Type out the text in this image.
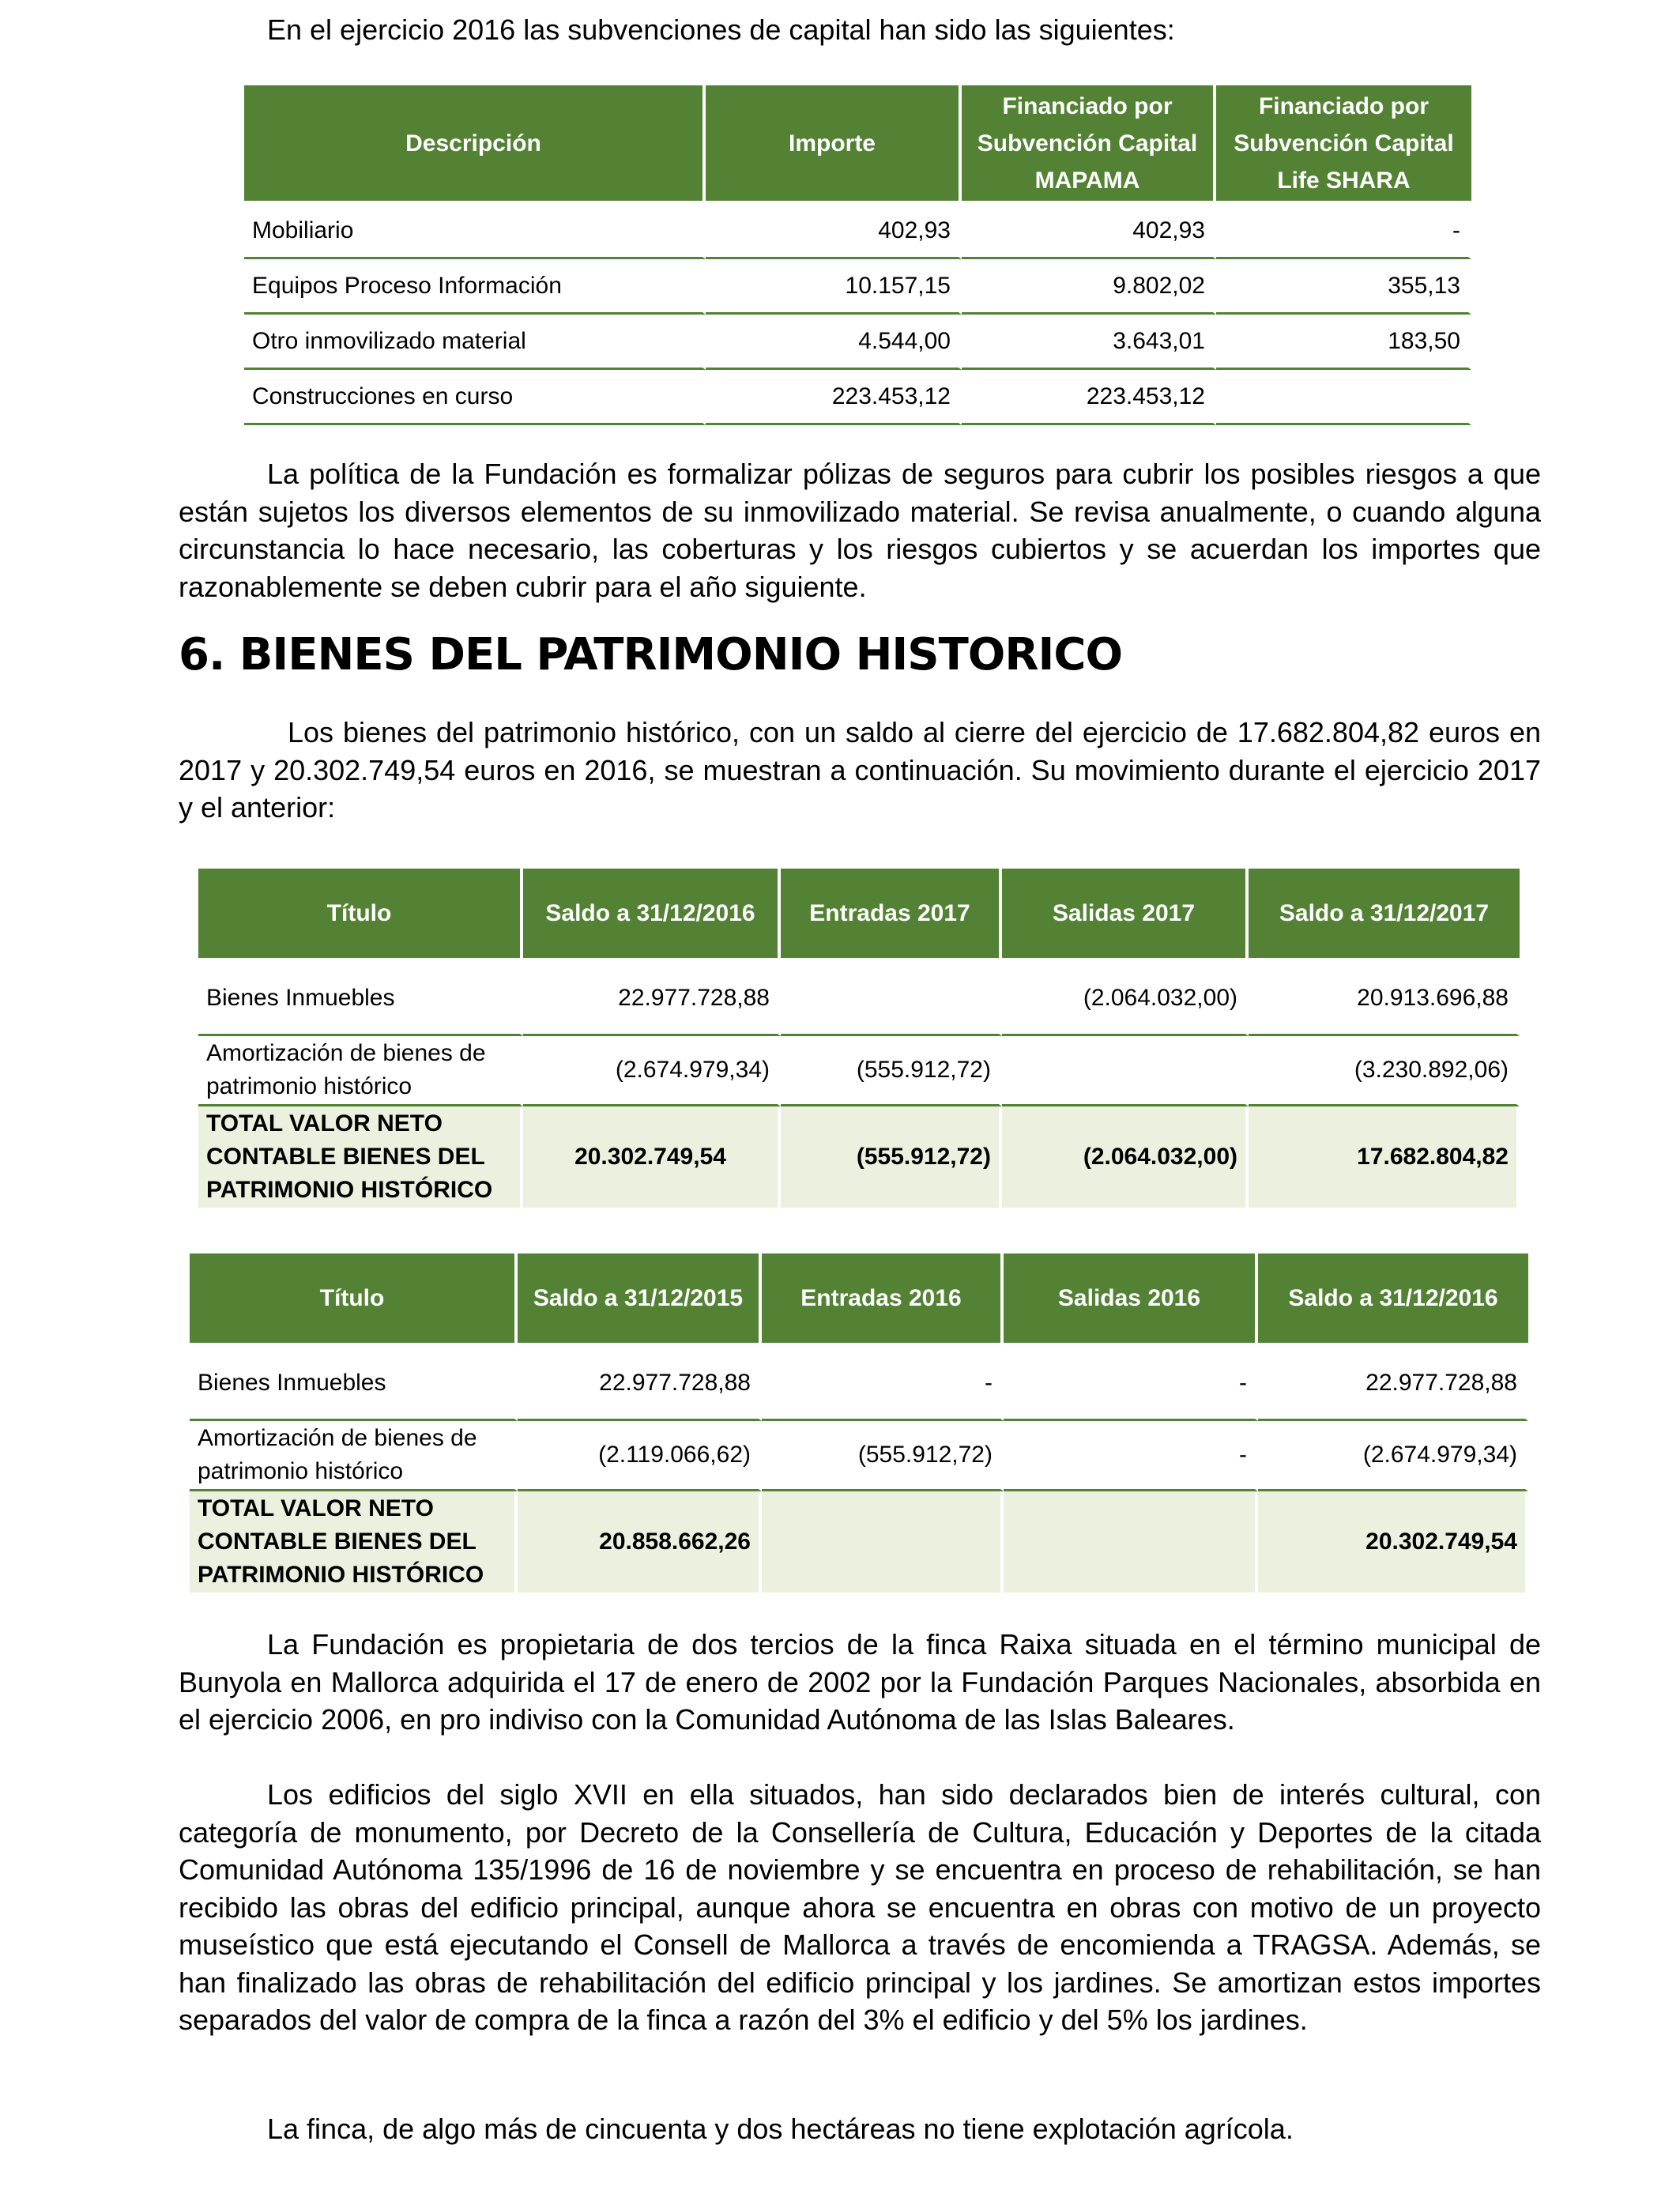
En el ejercicio 2016 las subvenciones de capital han sido las siguientes:
Descripción	Importe	Financiado por Subvención Capital MAPAMA	Financiado por Subvención Capital Life SHARA
Mobiliario	402,93	402,93	-
Equipos Proceso Información	10.157,15	9.802,02	355,13
Otro inmovilizado material	4.544,00	3.643,01	183,50
Construcciones en curso	223.453,12	223.453,12	
La política de la Fundación es formalizar pólizas de seguros para cubrir los posibles riesgos a que están sujetos los diversos elementos de su inmovilizado material. Se revisa anualmente, o cuando alguna circunstancia lo hace necesario, las coberturas y los riesgos cubiertos y se acuerdan los importes que razonablemente se deben cubrir para el año siguiente.
6. BIENES DEL PATRIMONIO HISTORICO
Los bienes del patrimonio histórico, con un saldo al cierre del ejercicio de 17.682.804,82 euros en 2017 y 20.302.749,54 euros en 2016, se muestran a continuación. Su movimiento durante el ejercicio 2017 y el anterior:
Título	Saldo a 31/12/2016	Entradas 2017	Salidas 2017	Saldo a 31/12/2017
Bienes Inmuebles	22.977.728,88		(2.064.032,00)	20.913.696,88
Amortización de bienes de patrimonio histórico	(2.674.979,34)	(555.912,72)		(3.230.892,06)
TOTAL VALOR NETO CONTABLE BIENES DEL PATRIMONIO HISTÓRICO	20.302.749,54	(555.912,72)	(2.064.032,00)	17.682.804,82
Título	Saldo a 31/12/2015	Entradas 2016	Salidas 2016	Saldo a 31/12/2016
Bienes Inmuebles	22.977.728,88	-	-	22.977.728,88
Amortización de bienes de patrimonio histórico	(2.119.066,62)	(555.912,72)	-	(2.674.979,34)
TOTAL VALOR NETO CONTABLE BIENES DEL PATRIMONIO HISTÓRICO	20.858.662,26			20.302.749,54
La Fundación es propietaria de dos tercios de la finca Raixa situada en el término municipal de Bunyola en Mallorca adquirida el 17 de enero de 2002 por la Fundación Parques Nacionales, absorbida en el ejercicio 2006, en pro indiviso con la Comunidad Autónoma de las Islas Baleares.
Los edificios del siglo XVII en ella situados, han sido declarados bien de interés cultural, con categoría de monumento, por Decreto de la Consellería de Cultura, Educación y Deportes de la citada Comunidad Autónoma 135/1996 de 16 de noviembre y se encuentra en proceso de rehabilitación, se han recibido las obras del edificio principal, aunque ahora se encuentra en obras con motivo de un proyecto museístico que está ejecutando el Consell de Mallorca a través de encomienda a TRAGSA. Además, se han finalizado las obras de rehabilitación del edificio principal y los jardines. Se amortizan estos importes separados del valor de compra de la finca a razón del 3% el edificio y del 5% los jardines.
La finca, de algo más de cincuenta y dos hectáreas no tiene explotación agrícola.
